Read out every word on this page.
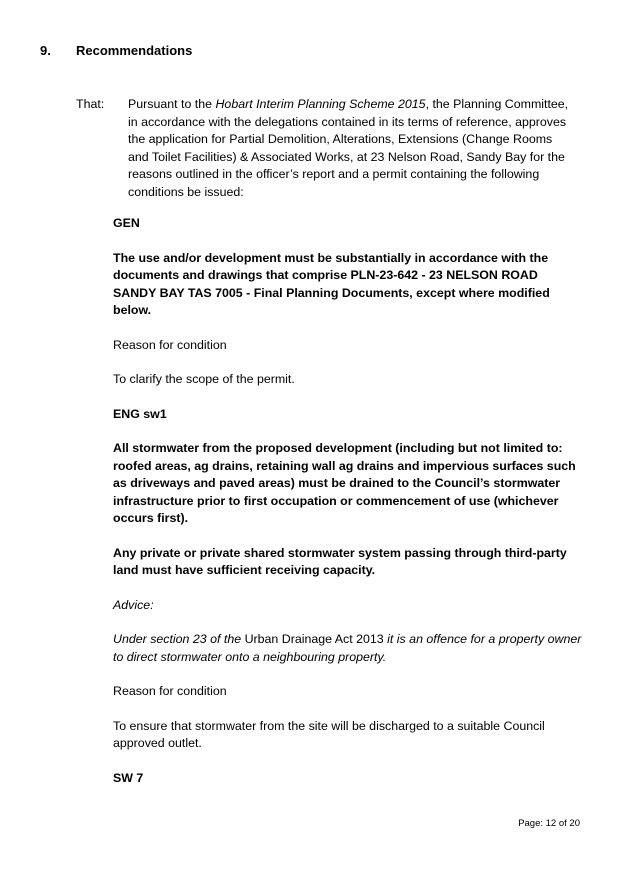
9.	Recommendations
That: Pursuant to the Hobart Interim Planning Scheme 2015, the Planning Committee,
in accordance with the delegations contained in its terms of reference, approves
the application for Partial Demolition, Alterations, Extensions (Change Rooms
and Toilet Facilities) & Associated Works, at 23 Nelson Road, Sandy Bay for the
reasons outlined in the officer’s report and a permit containing the following
conditions be issued:
GEN
The use and/or development must be substantially in accordance with the
documents and drawings that comprise PLN-23-642 - 23 NELSON ROAD
SANDY BAY TAS 7005 - Final Planning Documents, except where modified
below.
Reason for condition
To clarify the scope of the permit.
ENG sw1
All stormwater from the proposed development (including but not limited to:
roofed areas, ag drains, retaining wall ag drains and impervious surfaces such
as driveways and paved areas) must be drained to the Council’s stormwater
infrastructure prior to first occupation or commencement of use (whichever
occurs first).
Any private or private shared stormwater system passing through third-party
land must have sufficient receiving capacity.
Advice:
Under section 23 of the Urban Drainage Act 2013 it is an offence for a property owner
to direct stormwater onto a neighbouring property.
Reason for condition
To ensure that stormwater from the site will be discharged to a suitable Council
approved outlet.
SW 7
Page: 12 of 20
